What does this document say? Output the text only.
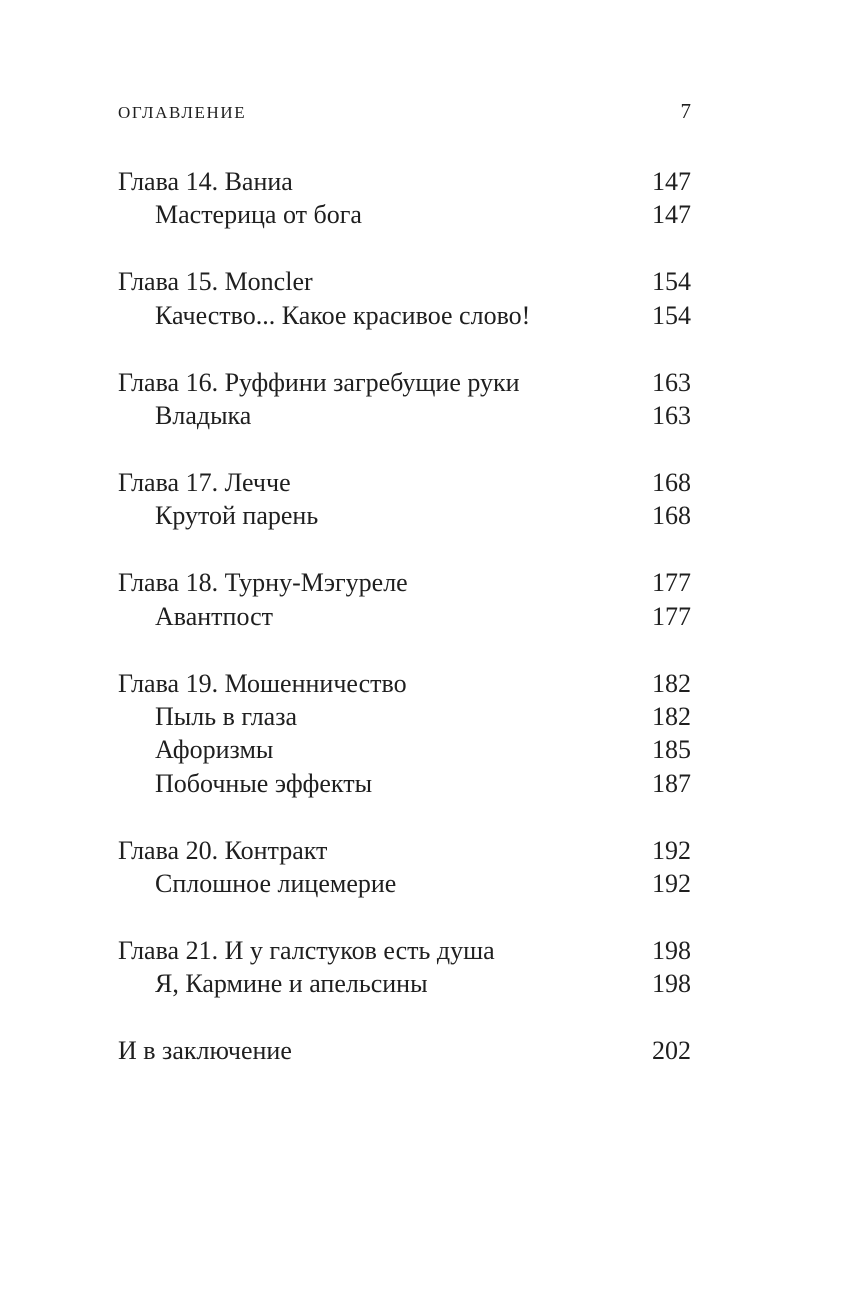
ОГЛАВЛЕНИЕ	7
Глава 14. Ваниа	147
Мастерица от бога	147
Глава 15. Moncler	154
Качество... Какое красивое слово!	154
Глава 16. Руффини загребущие руки	163
Владыка	163
Глава 17. Лечче	168
Крутой парень	168
Глава 18. Турну-Мэгуреле	177
Авантпост	177
Глава 19. Мошенничество	182
Пыль в глаза	182
Афоризмы	185
Побочные эффекты	187
Глава 20. Контракт	192
Сплошное лицемерие	192
Глава 21. И у галстуков есть душа	198
Я, Кармине и апельсины	198
И в заключение	202
